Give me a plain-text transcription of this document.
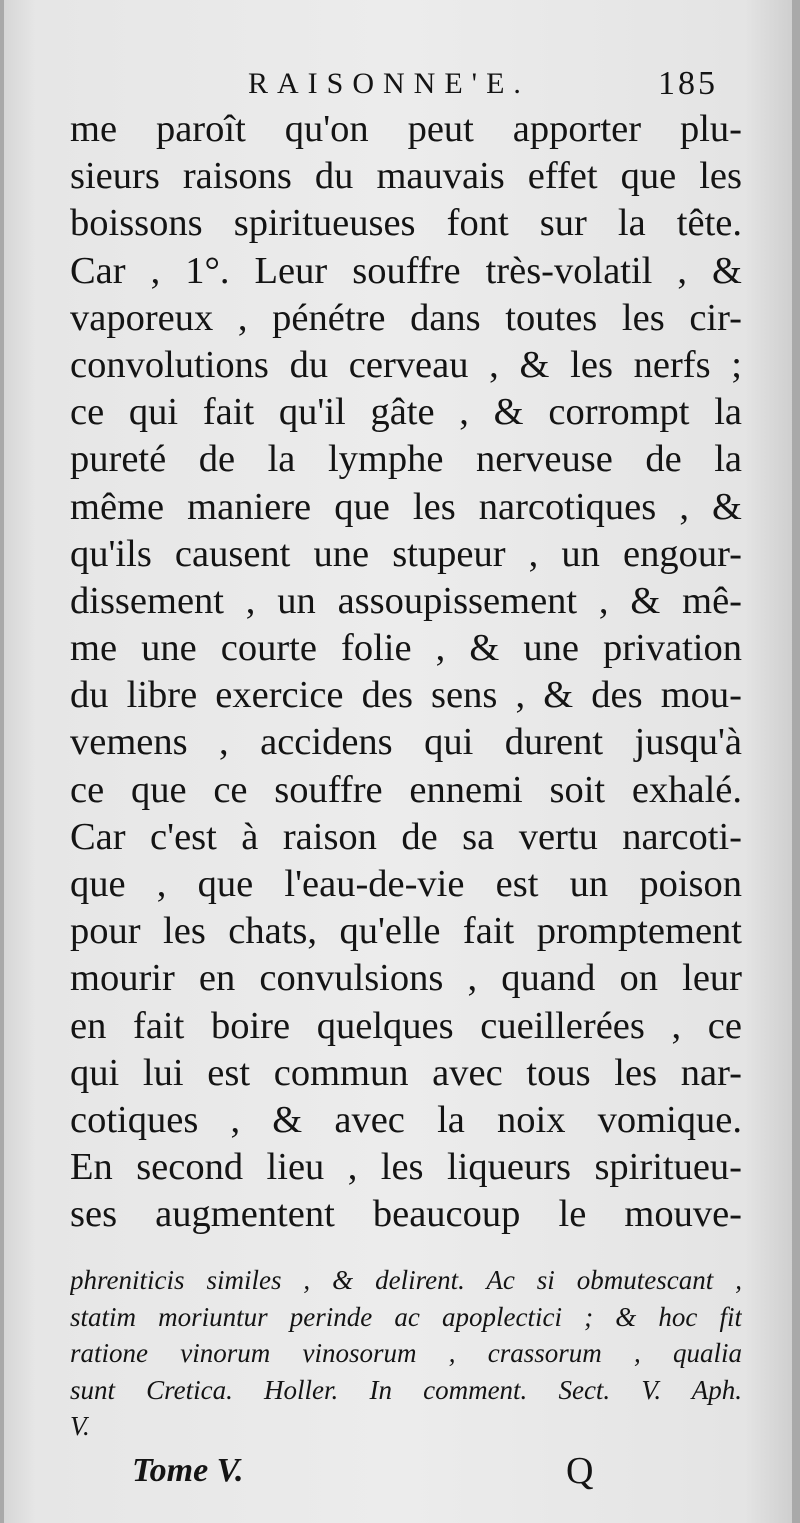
RAISONNE'E.	185
me paroît qu'on peut apporter plu-
sieurs raisons du mauvais effet que les
boissons spiritueuses font sur la tête.
Car , 1°. Leur souffre très-volatil , &
vaporeux , pénétre dans toutes les cir-
convolutions du cerveau , & les nerfs ;
ce qui fait qu'il gâte , & corrompt la
pureté de la lymphe nerveuse de la
même maniere que les narcotiques , &
qu'ils causent une stupeur , un engour-
dissement , un assoupissement , & mê-
me une courte folie , & une privation
du libre exercice des sens , & des mou-
vemens , accidens qui durent jusqu'à
ce que ce souffre ennemi soit exhalé.
Car c'est à raison de sa vertu narcoti-
que , que l'eau-de-vie est un poison
pour les chats, qu'elle fait promptement
mourir en convulsions , quand on leur
en fait boire quelques cueillerées , ce
qui lui est commun avec tous les nar-
cotiques , & avec la noix vomique.
En second lieu , les liqueurs spiritueu-
ses augmentent beaucoup le mouve-
phreniticis similes , & delirent. Ac si obmutescant ,
statim moriuntur perinde ac apoplectici ; & hoc fit
ratione vinorum vinosorum , crassorum , qualia
sunt Cretica. Holler. In comment. Sect. V. Aph.
V.
Tome V.	Q
